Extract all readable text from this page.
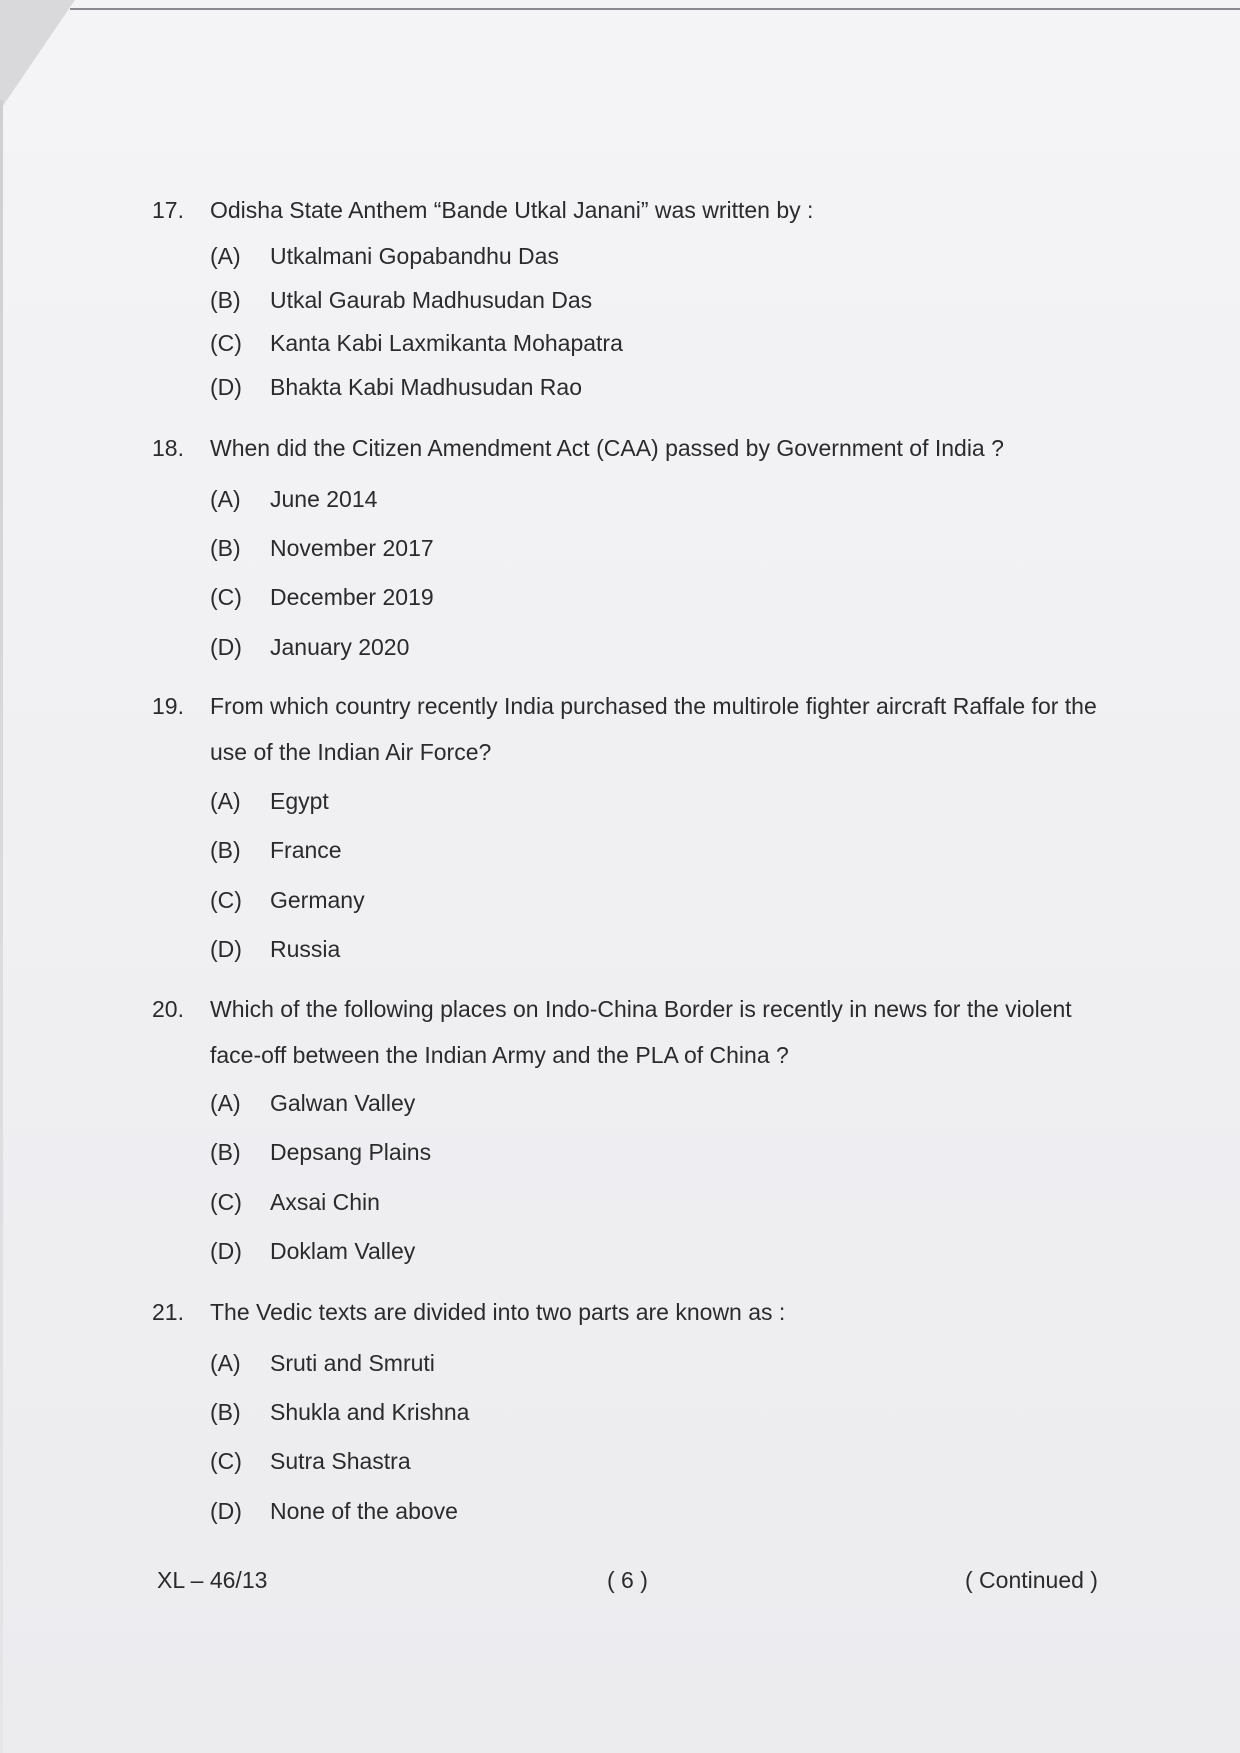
17. Odisha State Anthem “Bande Utkal Janani” was written by :
(A) Utkalmani Gopabandhu Das
(B) Utkal Gaurab Madhusudan Das
(C) Kanta Kabi Laxmikanta Mohapatra
(D) Bhakta Kabi Madhusudan Rao
18. When did the Citizen Amendment Act (CAA) passed by Government of India ?
(A) June 2014
(B) November 2017
(C) December 2019
(D) January 2020
19. From which country recently India purchased the multirole fighter aircraft Raffale for the use of the Indian Air Force?
(A) Egypt
(B) France
(C) Germany
(D) Russia
20. Which of the following places on Indo-China Border is recently in news for the violent face-off between the Indian Army and the PLA of China ?
(A) Galwan Valley
(B) Depsang Plains
(C) Axsai Chin
(D) Doklam Valley
21. The Vedic texts are divided into two parts are known as :
(A) Sruti and Smruti
(B) Shukla and Krishna
(C) Sutra Shastra
(D) None of the above
XL – 46/13	( 6 )	( Continued )
